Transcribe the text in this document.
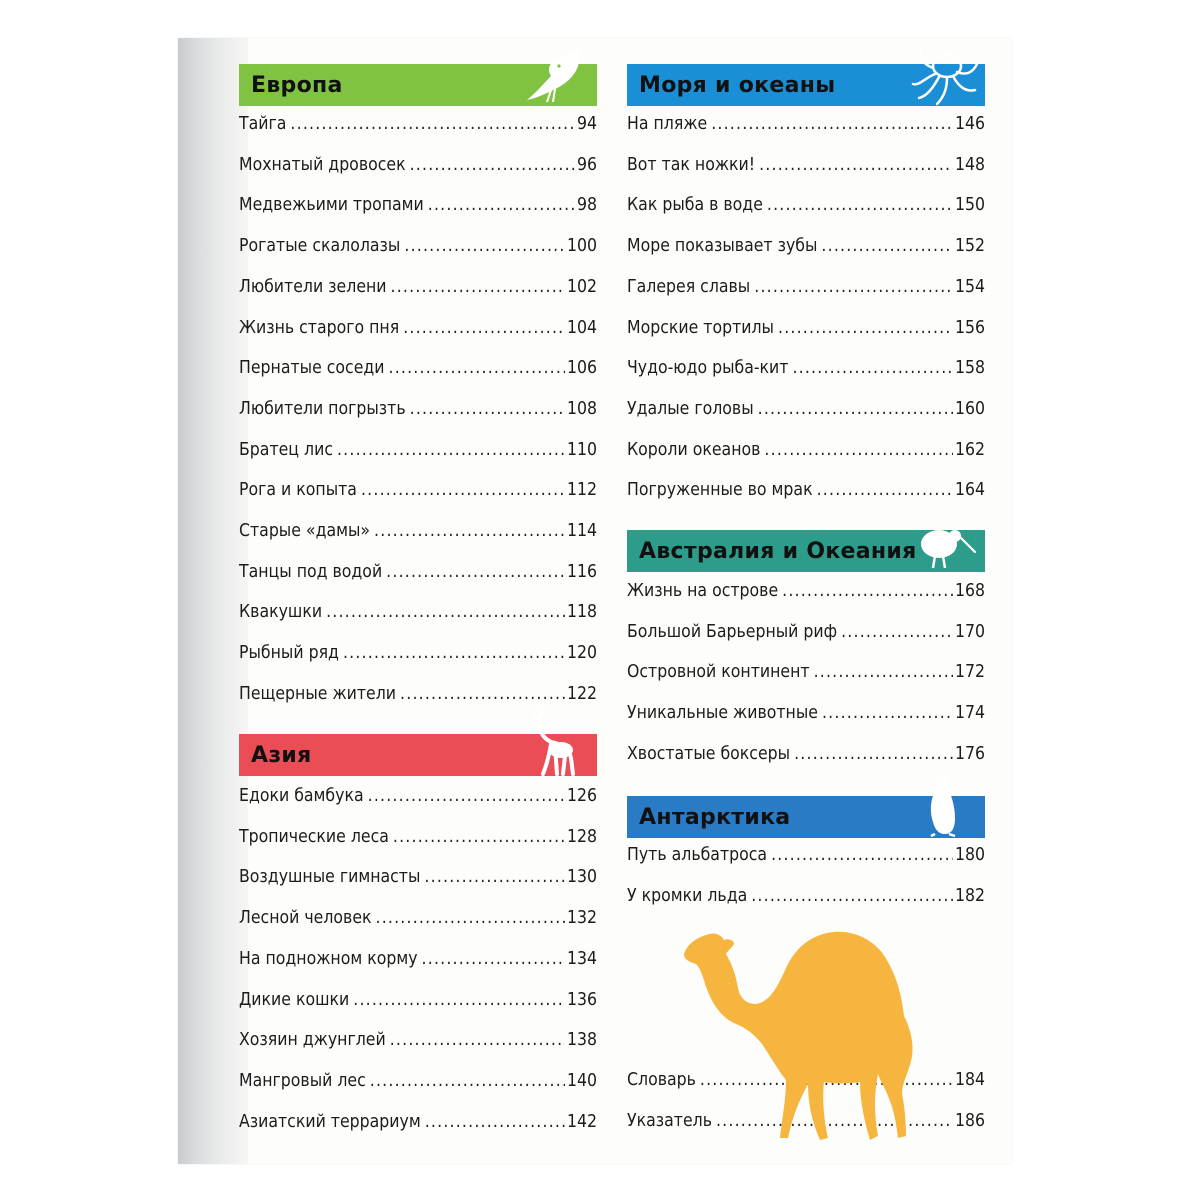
Европа
Тайга .....	94
Мохнатый дровосек .....	96
Медвежьими тропами .....	98
Рогатые скалолазы .....	100
Любители зелени .....	102
Жизнь старого пня .....	104
Пернатые соседи .....	106
Любители погрызть .....	108
Братец лис .....	110
Рога и копыта .....	112
Старые «дамы» .....	114
Танцы под водой .....	116
Квакушки .....	118
Рыбный ряд .....	120
Пещерные жители .....	122
Азия
Едоки бамбука .....	126
Тропические леса .....	128
Воздушные гимнасты .....	130
Лесной человек .....	132
На подножном корму .....	134
Дикие кошки .....	136
Хозяин джунглей .....	138
Мангровый лес .....	140
Азиатский террариум .....	142
Моря и океаны
На пляже .....	146
Вот так ножки! .....	148
Как рыба в воде .....	150
Море показывает зубы .....	152
Галерея славы .....	154
Морские тортилы .....	156
Чудо-юдо рыба-кит .....	158
Удалые головы .....	160
Короли океанов .....	162
Погруженные во мрак .....	164
Австралия и Океания
Жизнь на острове .....	168
Большой Барьерный риф .....	170
Островной континент .....	172
Уникальные животные .....	174
Хвостатые боксеры .....	176
Антарктика
Путь альбатроса .....	180
У кромки льда .....	182
Словарь .....	184
Указатель .....	186
